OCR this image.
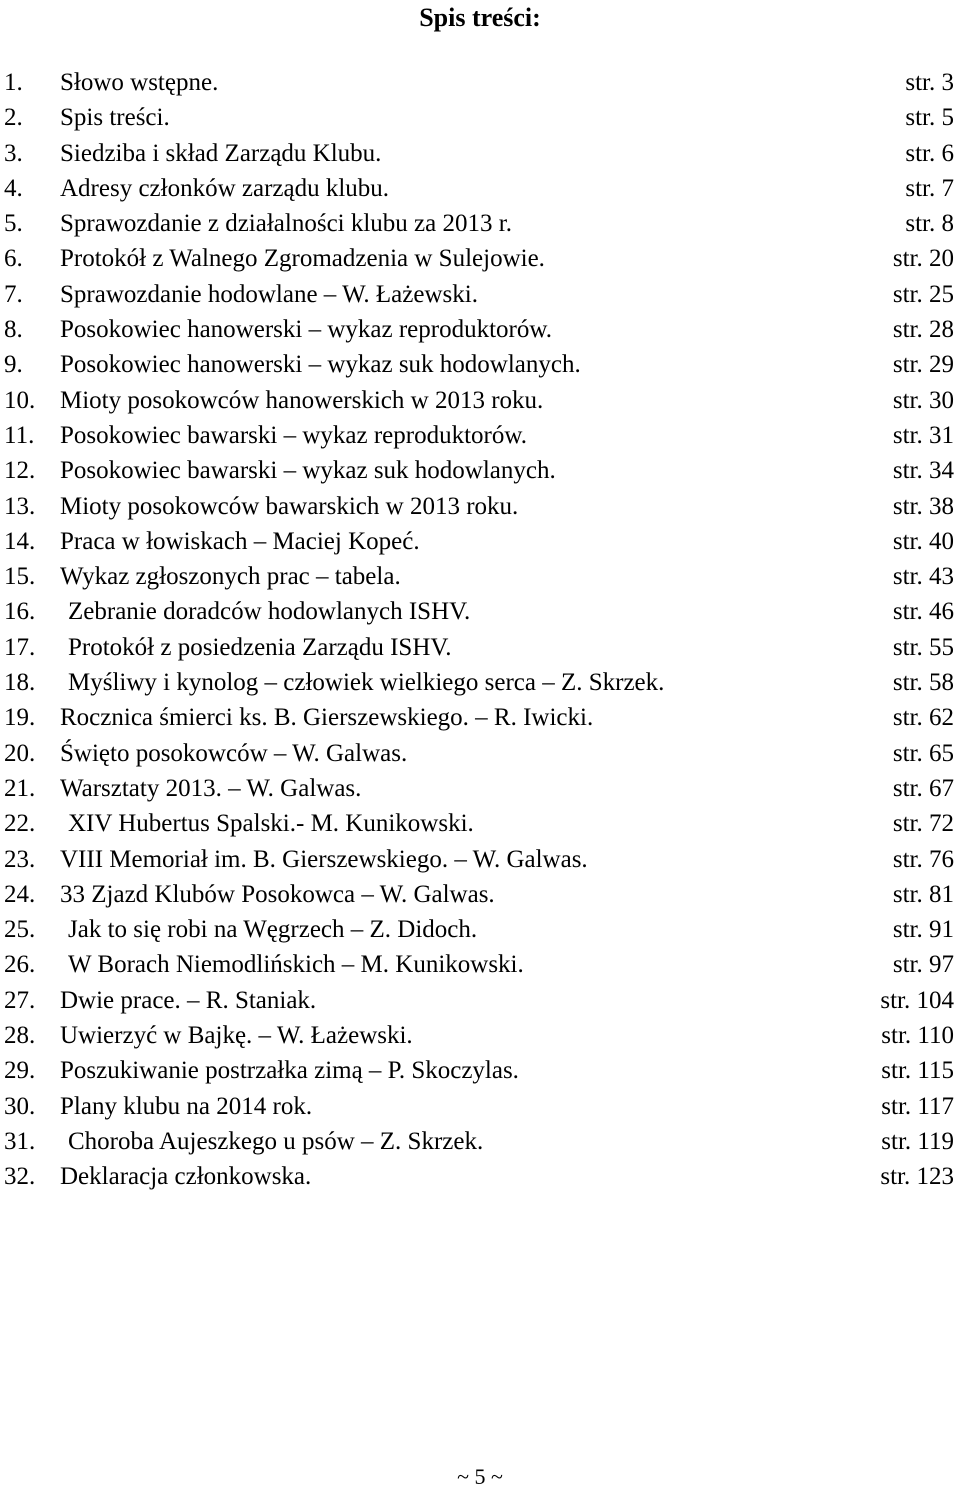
Spis treści:
1. Słowo wstępne.	str. 3
2. Spis treści.	str. 5
3. Siedziba i skład Zarządu Klubu.	str. 6
4. Adresy członków zarządu klubu.	str. 7
5. Sprawozdanie z działalności klubu za 2013 r.	str. 8
6. Protokół z Walnego Zgromadzenia w Sulejowie.	str. 20
7. Sprawozdanie hodowlane – W. Łażewski.	str. 25
8. Posokowiec hanowerski – wykaz reproduktorów.	str. 28
9. Posokowiec hanowerski – wykaz suk hodowlanych.	str. 29
10. Mioty posokowców hanowerskich w 2013 roku.	str. 30
11. Posokowiec bawarski – wykaz reproduktorów.	str. 31
12. Posokowiec bawarski – wykaz suk hodowlanych.	str. 34
13. Mioty posokowców bawarskich w 2013 roku.	str. 38
14. Praca w łowiskach – Maciej Kopeć.	str. 40
15. Wykaz zgłoszonych prac – tabela.	str. 43
16. Zebranie doradców hodowlanych ISHV.	str. 46
17. Protokół z posiedzenia Zarządu ISHV.	str. 55
18. Myśliwy i kynolog – człowiek wielkiego serca – Z. Skrzek.	str. 58
19. Rocznica śmierci ks. B. Gierszewskiego. – R. Iwicki.	str. 62
20. Święto posokowców – W. Galwas.	str. 65
21. Warsztaty 2013. – W. Galwas.	str. 67
22. XIV Hubertus Spalski.- M. Kunikowski.	str. 72
23. VIII Memoriał im. B. Gierszewskiego. – W. Galwas.	str. 76
24. 33 Zjazd Klubów Posokowca – W. Galwas.	str. 81
25. Jak to się robi na Węgrzech – Z. Didoch.	str. 91
26. W Borach Niemodlińskich – M. Kunikowski.	str. 97
27. Dwie prace. – R. Staniak.	str. 104
28. Uwierzyć w Bajkę. – W. Łażewski.	str. 110
29. Poszukiwanie postrzałka zimą – P. Skoczylas.	str. 115
30. Plany klubu na 2014 rok.	str. 117
31. Choroba Aujeszkego u psów – Z. Skrzek.	str. 119
32. Deklaracja członkowska.	str. 123
~ 5 ~
